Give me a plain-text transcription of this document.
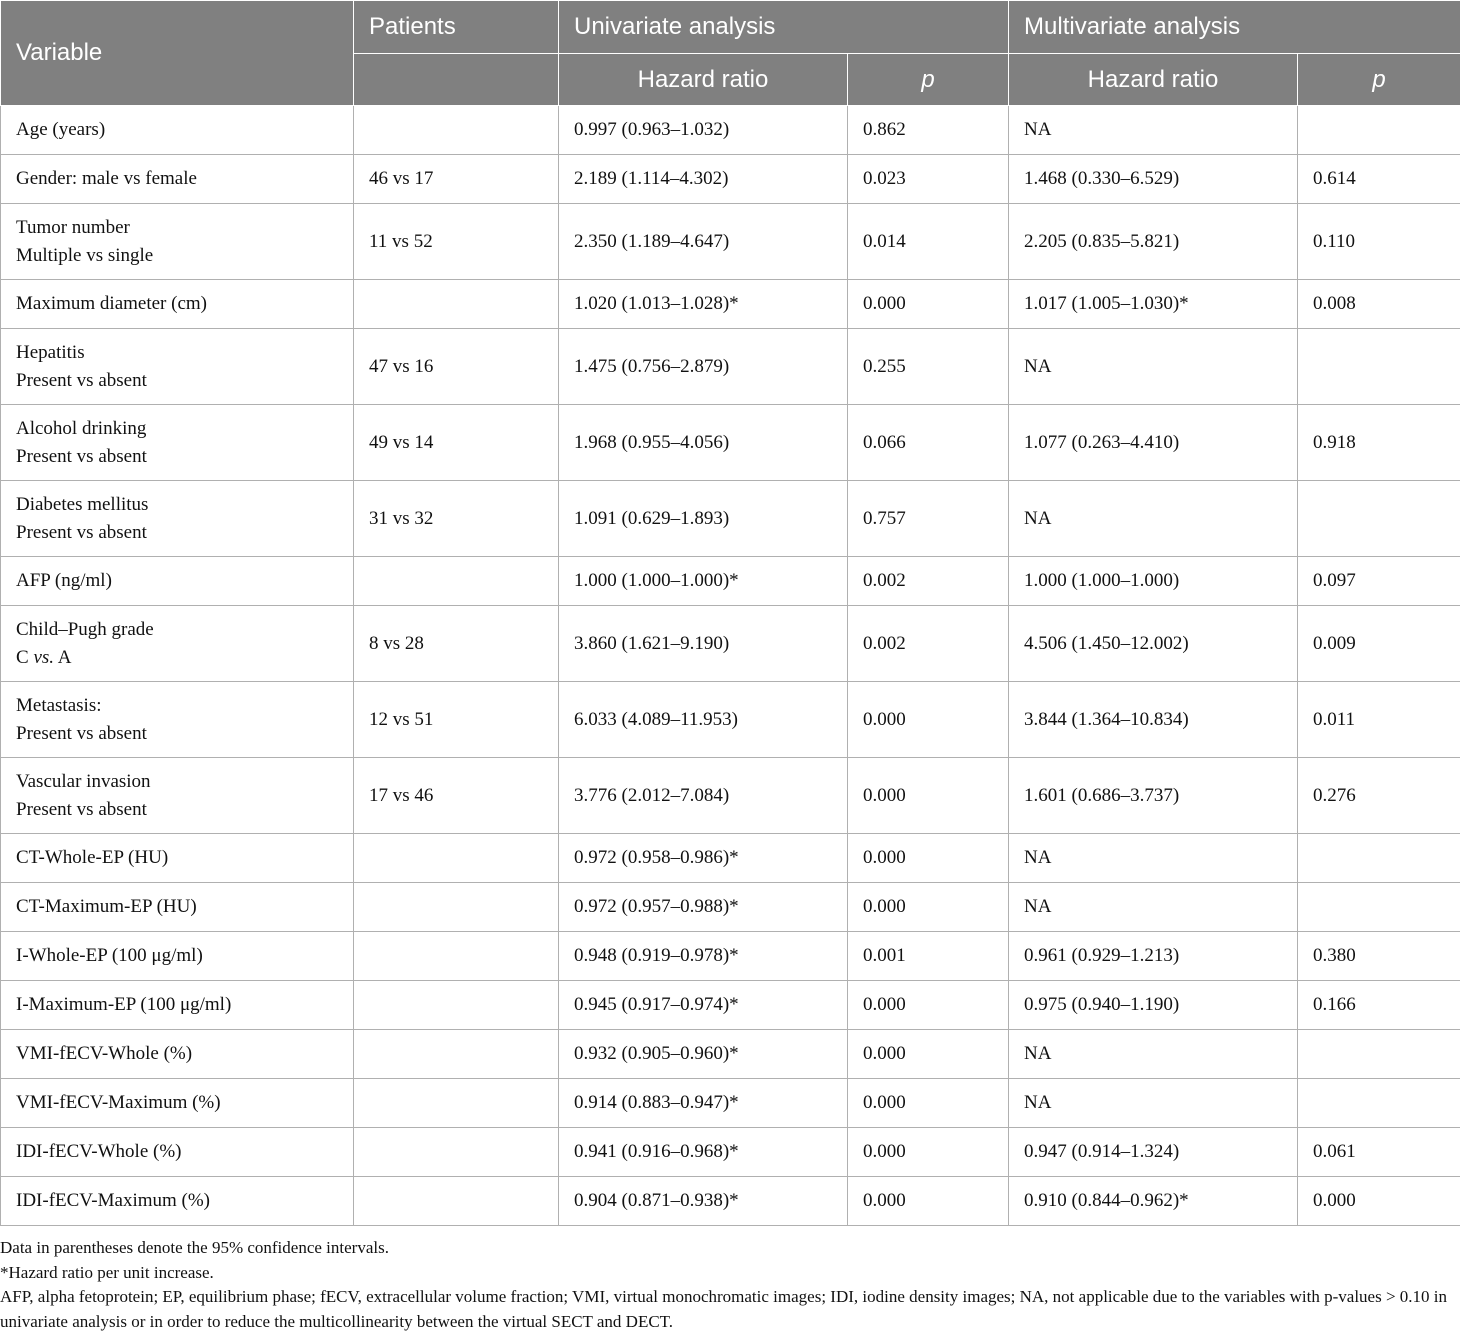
Variable	Patients	Univariate analysis		Multivariate analysis	
		Hazard ratio	p	Hazard ratio	p
Age (years)		0.997 (0.963–1.032)	0.862	NA	
Gender: male vs female	46 vs 17	2.189 (1.114–4.302)	0.023	1.468 (0.330–6.529)	0.614
Tumor number
Multiple vs single	11 vs 52	2.350 (1.189–4.647)	0.014	2.205 (0.835–5.821)	0.110
Maximum diameter (cm)		1.020 (1.013–1.028)*	0.000	1.017 (1.005–1.030)*	0.008
Hepatitis
Present vs absent	47 vs 16	1.475 (0.756–2.879)	0.255	NA	
Alcohol drinking
Present vs absent	49 vs 14	1.968 (0.955–4.056)	0.066	1.077 (0.263–4.410)	0.918
Diabetes mellitus
Present vs absent	31 vs 32	1.091 (0.629–1.893)	0.757	NA	
AFP (ng/ml)		1.000 (1.000–1.000)*	0.002	1.000 (1.000–1.000)	0.097
Child–Pugh grade
C vs. A	8 vs 28	3.860 (1.621–9.190)	0.002	4.506 (1.450–12.002)	0.009
Metastasis:
Present vs absent	12 vs 51	6.033 (4.089–11.953)	0.000	3.844 (1.364–10.834)	0.011
Vascular invasion
Present vs absent	17 vs 46	3.776 (2.012–7.084)	0.000	1.601 (0.686–3.737)	0.276
CT-Whole-EP (HU)		0.972 (0.958–0.986)*	0.000	NA	
CT-Maximum-EP (HU)		0.972 (0.957–0.988)*	0.000	NA	
I-Whole-EP (100 μg/ml)		0.948 (0.919–0.978)*	0.001	0.961 (0.929–1.213)	0.380
I-Maximum-EP (100 μg/ml)		0.945 (0.917–0.974)*	0.000	0.975 (0.940–1.190)	0.166
VMI-fECV-Whole (%)		0.932 (0.905–0.960)*	0.000	NA	
VMI-fECV-Maximum (%)		0.914 (0.883–0.947)*	0.000	NA	
IDI-fECV-Whole (%)		0.941 (0.916–0.968)*	0.000	0.947 (0.914–1.324)	0.061
IDI-fECV-Maximum (%)		0.904 (0.871–0.938)*	0.000	0.910 (0.844–0.962)*	0.000

Data in parentheses denote the 95% confidence intervals.

*Hazard ratio per unit increase.

AFP, alpha fetoprotein; EP, equilibrium phase; fECV, extracellular volume fraction; VMI, virtual monochromatic images; IDI, iodine density images; NA, not applicable due to the variables with p-values > 0.10 in univariate analysis or in order to reduce the multicollinearity between the virtual SECT and DECT.
